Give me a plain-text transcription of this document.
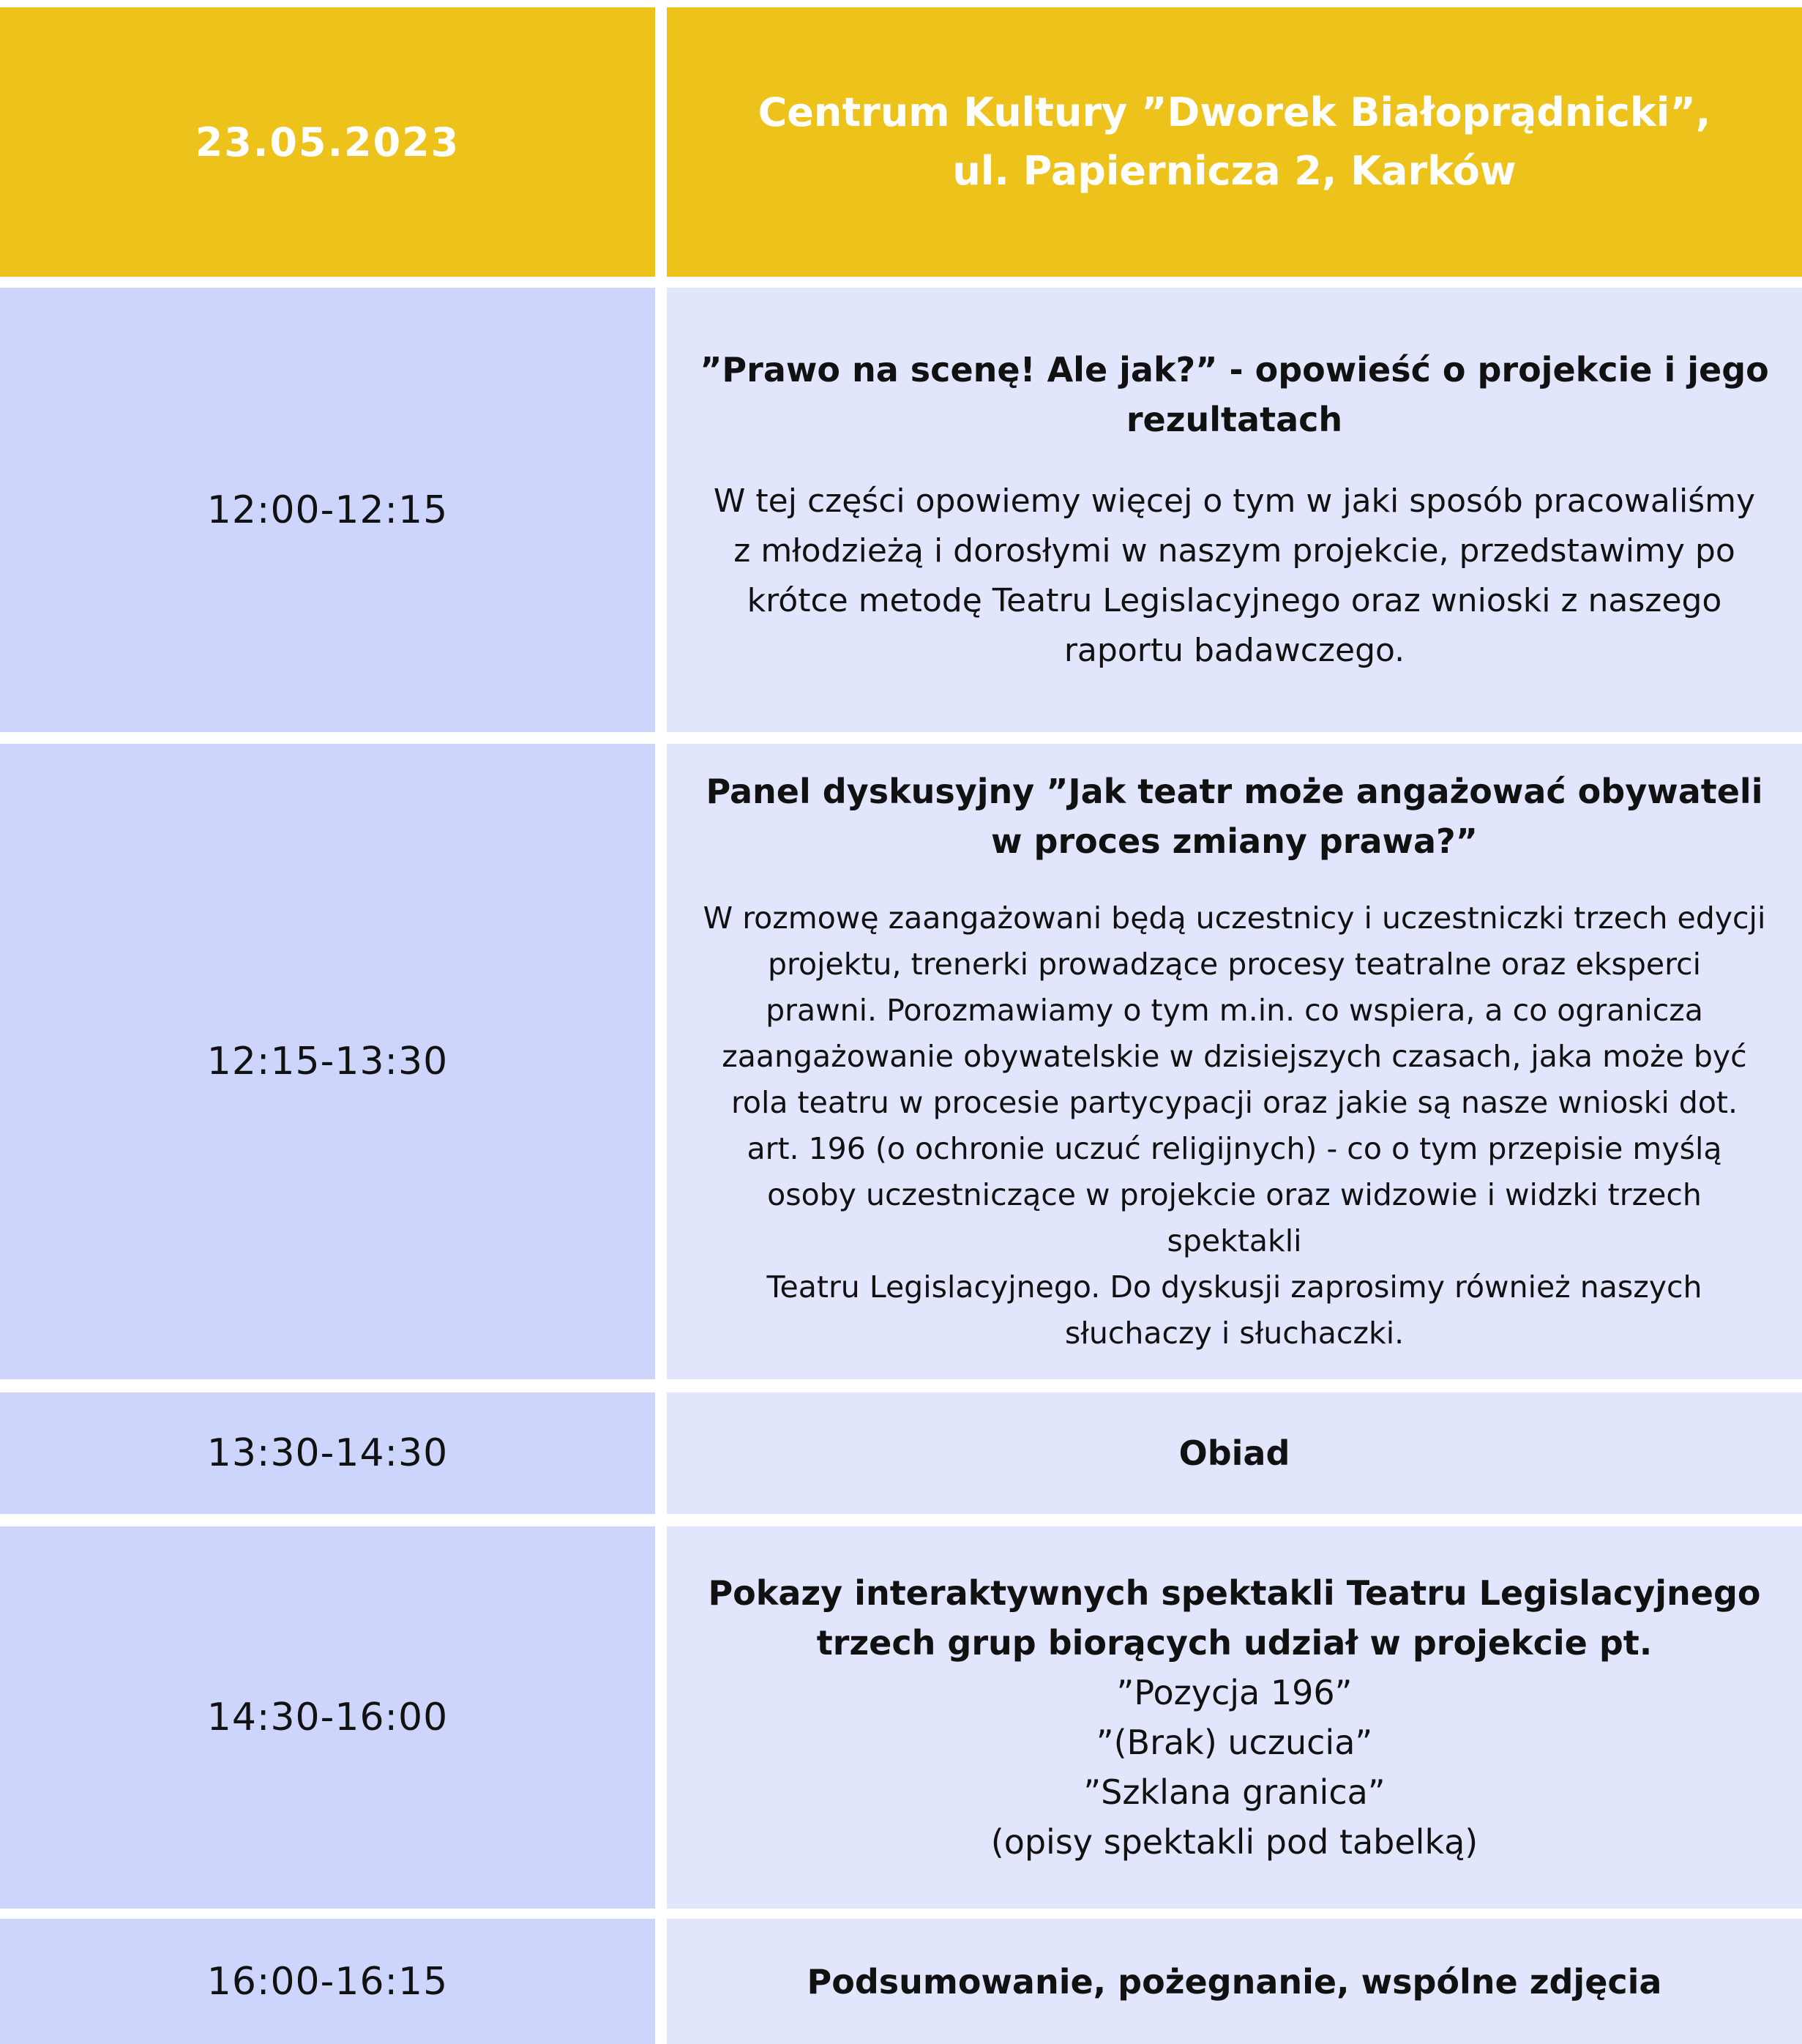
23.05.2023
Centrum Kultury ”Dworek Białoprądnicki”,
ul. Papiernicza 2, Karków
12:00-12:15
”Prawo na scenę! Ale jak?” - opowieść o projekcie i jego
rezultatach
W tej części opowiemy więcej o tym w jaki sposób pracowaliśmy
z młodzieżą i dorosłymi w naszym projekcie, przedstawimy po
krótce metodę Teatru Legislacyjnego oraz wnioski z naszego
raportu badawczego.
12:15-13:30
Panel dyskusyjny ”Jak teatr może angażować obywateli
w proces zmiany prawa?”
W rozmowę zaangażowani będą uczestnicy i uczestniczki trzech edycji
projektu, trenerki prowadzące procesy teatralne oraz eksperci
prawni. Porozmawiamy o tym m.in. co wspiera, a co ogranicza
zaangażowanie obywatelskie w dzisiejszych czasach, jaka może być
rola teatru w procesie partycypacji oraz jakie są nasze wnioski dot.
art. 196 (o ochronie uczuć religijnych) - co o tym przepisie myślą
osoby uczestniczące w projekcie oraz widzowie i widzki trzech spektakli
Teatru Legislacyjnego. Do dyskusji zaprosimy również naszych
słuchaczy i słuchaczki.
13:30-14:30	Obiad
14:30-16:00
Pokazy interaktywnych spektakli Teatru Legislacyjnego
trzech grup biorących udział w projekcie pt.
”Pozycja 196”
”(Brak) uczucia”
”Szklana granica”
(opisy spektakli pod tabelką)
16:00-16:15	Podsumowanie, pożegnanie, wspólne zdjęcia
